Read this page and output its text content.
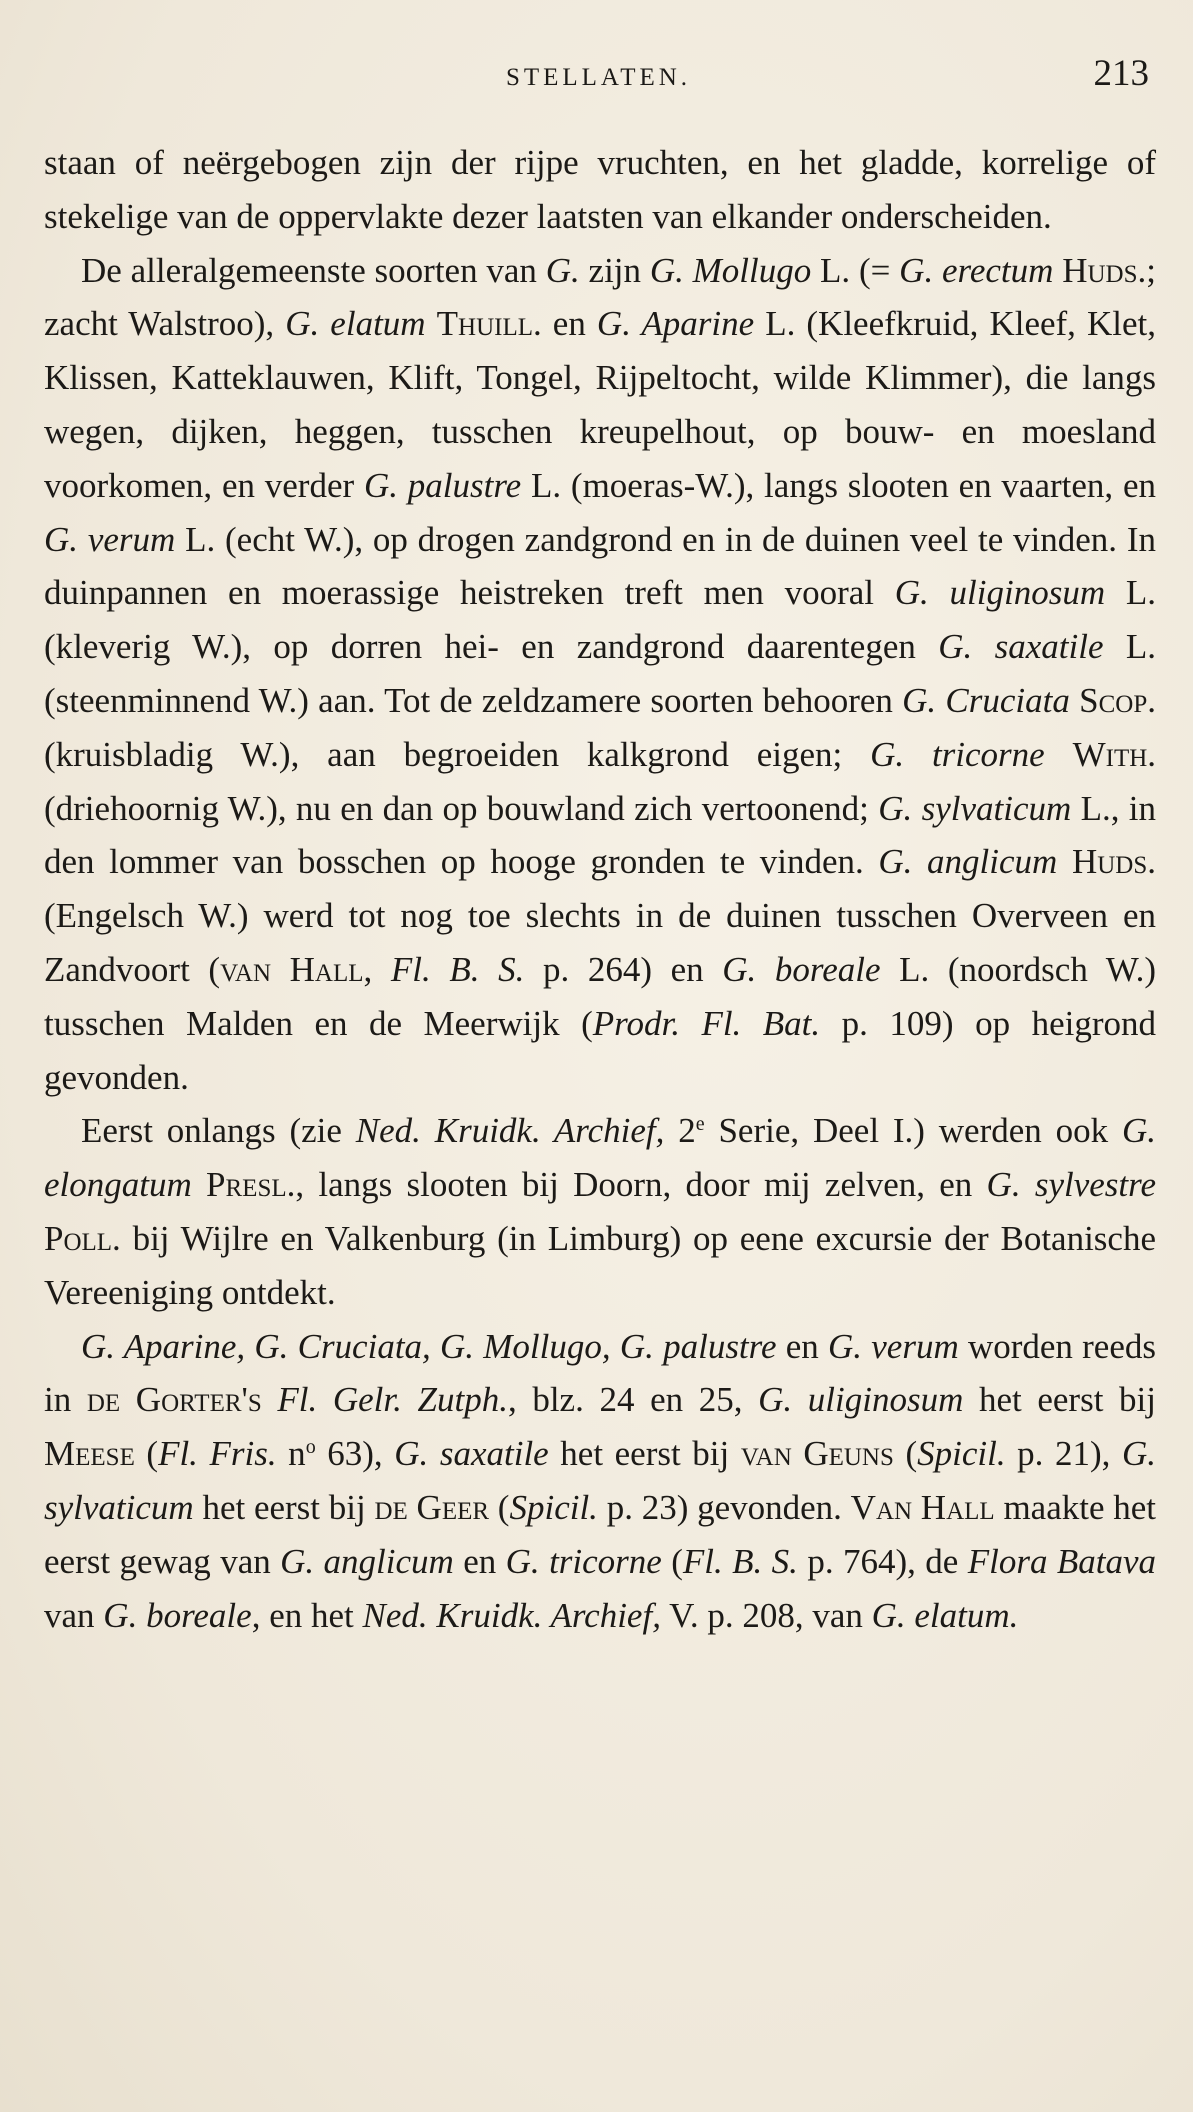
STELLATEN.	213

staan of neërgebogen zijn der rijpe vruchten, en het gladde, korrelige of stekelige van de oppervlakte dezer laatsten van elkander onderscheiden.

De alleralgemeenste soorten van G. zijn G. Mollugo L. (= G. erectum Huds.; zacht Walstroo), G. elatum Thuill. en G. Aparine L. (Kleefkruid, Kleef, Klet, Klissen, Katteklauwen, Klift, Tongel, Rijpeltocht, wilde Klimmer), die langs wegen, dijken, heggen, tusschen kreupelhout, op bouw- en moesland voorkomen, en verder G. palustre L. (moeras-W.), langs slooten en vaarten, en G. verum L. (echt W.), op drogen zandgrond en in de duinen veel te vinden. In duinpannen en moerassige heistreken treft men vooral G. uliginosum L. (kleverig W.), op dorren hei- en zandgrond daarentegen G. saxatile L. (steenminnend W.) aan. Tot de zeldzamere soorten behooren G. Cruciata Scop. (kruisbladig W.), aan begroeiden kalkgrond eigen; G. tricorne With. (driehoornig W.), nu en dan op bouwland zich vertoonend; G. sylvaticum L., in den lommer van bosschen op hooge gronden te vinden. G. anglicum Huds. (Engelsch W.) werd tot nog toe slechts in de duinen tusschen Overveen en Zandvoort (van Hall, Fl. B. S. p. 264) en G. boreale L. (noordsch W.) tusschen Malden en de Meerwijk (Prodr. Fl. Bat. p. 109) op heigrond gevonden.

Eerst onlangs (zie Ned. Kruidk. Archief, 2e Serie, Deel I.) werden ook G. elongatum Presl., langs slooten bij Doorn, door mij zelven, en G. sylvestre Poll. bij Wijlre en Valkenburg (in Limburg) op eene excursie der Botanische Vereeniging ontdekt.

G. Aparine, G. Cruciata, G. Mollugo, G. palustre en G. verum worden reeds in de Gorter's Fl. Gelr. Zutph., blz. 24 en 25, G. uliginosum het eerst bij Meese (Fl. Fris. $n^o$ 63), G. saxatile het eerst bij van Geuns (Spicil. p. 21), G. sylvaticum het eerst bij de Geer (Spicil. p. 23) gevonden. Van Hall maakte het eerst gewag van G. anglicum en G. tricorne (Fl. B. S. p. 764), de Flora Batava van G. boreale, en het Ned. Kruidk. Archief, V. p. 208, van G. elatum.
